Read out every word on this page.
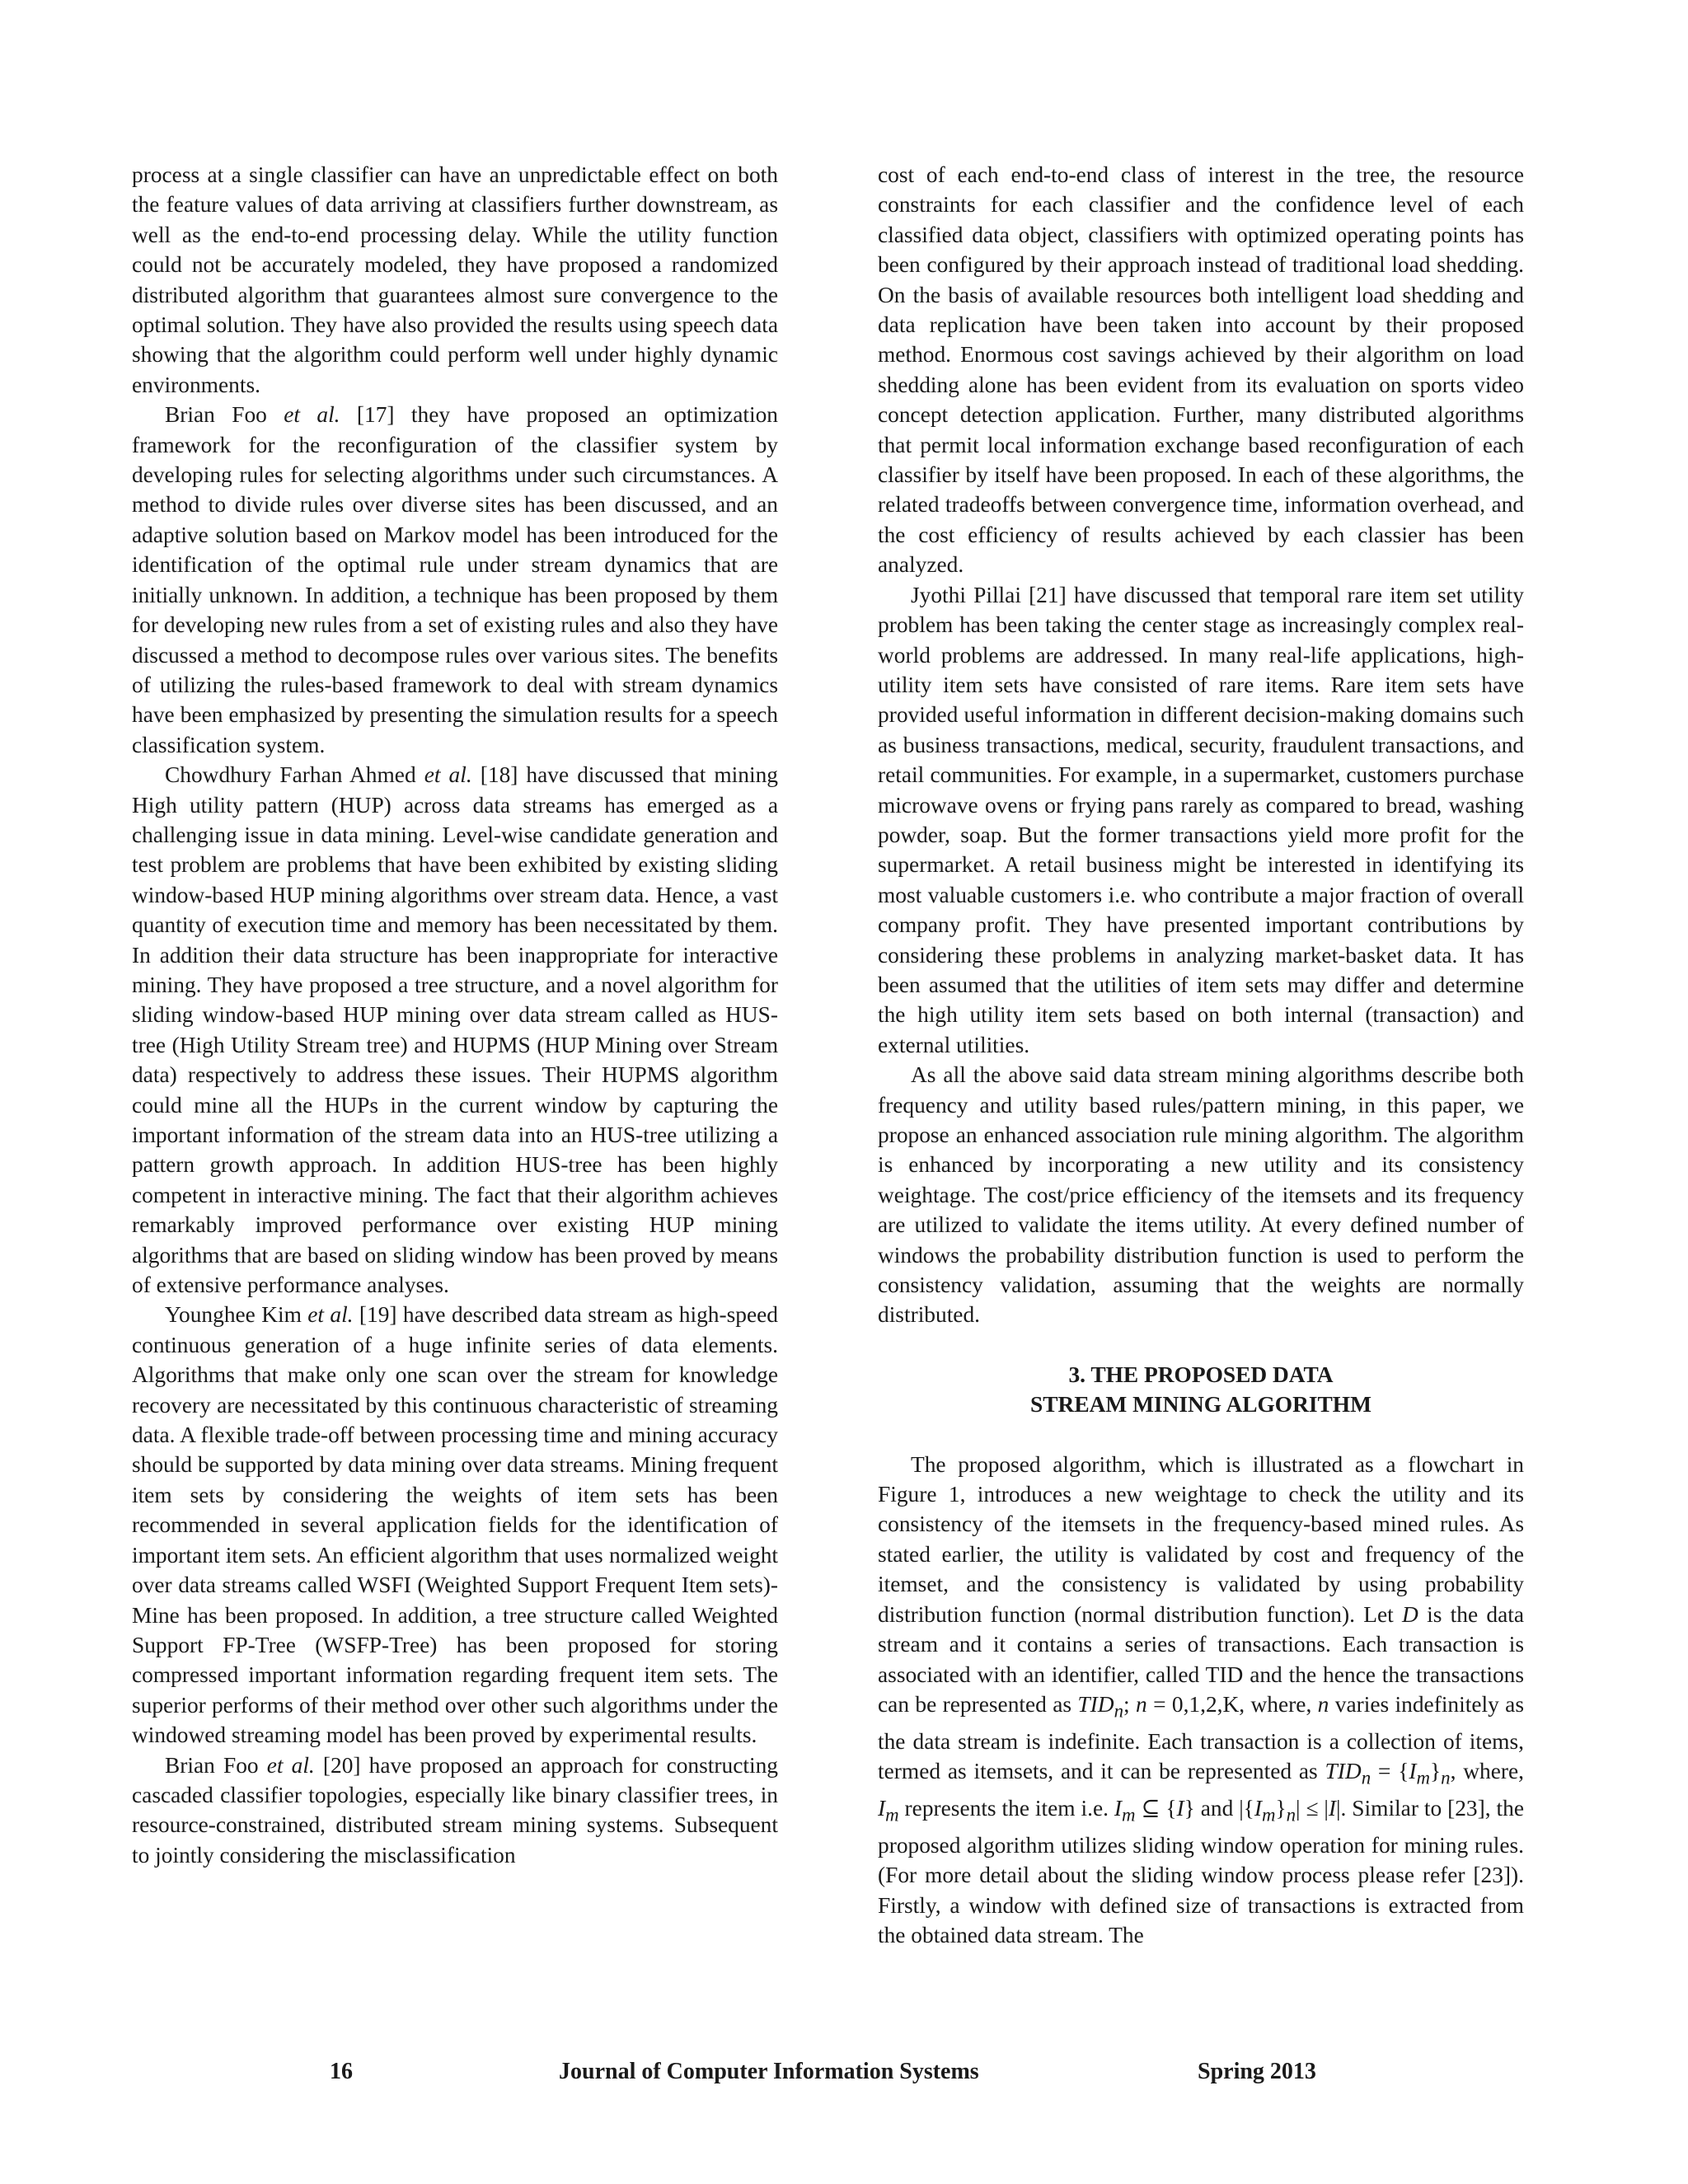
process at a single classifier can have an unpredictable effect on both the feature values of data arriving at classifiers further downstream, as well as the end-to-end processing delay. While the utility function could not be accurately modeled, they have proposed a randomized distributed algorithm that guarantees almost sure convergence to the optimal solution. They have also provided the results using speech data showing that the algorithm could perform well under highly dynamic environments.

Brian Foo et al. [17] they have proposed an optimization framework for the reconfiguration of the classifier system by developing rules for selecting algorithms under such circumstances. A method to divide rules over diverse sites has been discussed, and an adaptive solution based on Markov model has been introduced for the identification of the optimal rule under stream dynamics that are initially unknown. In addition, a technique has been proposed by them for developing new rules from a set of existing rules and also they have discussed a method to decompose rules over various sites. The benefits of utilizing the rules-based framework to deal with stream dynamics have been emphasized by presenting the simulation results for a speech classification system.

Chowdhury Farhan Ahmed et al. [18] have discussed that mining High utility pattern (HUP) across data streams has emerged as a challenging issue in data mining. Level-wise candidate generation and test problem are problems that have been exhibited by existing sliding window-based HUP mining algorithms over stream data. Hence, a vast quantity of execution time and memory has been necessitated by them. In addition their data structure has been inappropriate for interactive mining. They have proposed a tree structure, and a novel algorithm for sliding window-based HUP mining over data stream called as HUS-tree (High Utility Stream tree) and HUPMS (HUP Mining over Stream data) respectively to address these issues. Their HUPMS algorithm could mine all the HUPs in the current window by capturing the important information of the stream data into an HUS-tree utilizing a pattern growth approach. In addition HUS-tree has been highly competent in interactive mining. The fact that their algorithm achieves remarkably improved performance over existing HUP mining algorithms that are based on sliding window has been proved by means of extensive performance analyses.

Younghee Kim et al. [19] have described data stream as high-speed continuous generation of a huge infinite series of data elements. Algorithms that make only one scan over the stream for knowledge recovery are necessitated by this continuous characteristic of streaming data. A flexible trade-off between processing time and mining accuracy should be supported by data mining over data streams. Mining frequent item sets by considering the weights of item sets has been recommended in several application fields for the identification of important item sets. An efficient algorithm that uses normalized weight over data streams called WSFI (Weighted Support Frequent Item sets)-Mine has been proposed. In addition, a tree structure called Weighted Support FP-Tree (WSFP-Tree) has been proposed for storing compressed important information regarding frequent item sets. The superior performs of their method over other such algorithms under the windowed streaming model has been proved by experimental results.

Brian Foo et al. [20] have proposed an approach for constructing cascaded classifier topologies, especially like binary classifier trees, in resource-constrained, distributed stream mining systems. Subsequent to jointly considering the misclassification

cost of each end-to-end class of interest in the tree, the resource constraints for each classifier and the confidence level of each classified data object, classifiers with optimized operating points has been configured by their approach instead of traditional load shedding. On the basis of available resources both intelligent load shedding and data replication have been taken into account by their proposed method. Enormous cost savings achieved by their algorithm on load shedding alone has been evident from its evaluation on sports video concept detection application. Further, many distributed algorithms that permit local information exchange based reconfiguration of each classifier by itself have been proposed. In each of these algorithms, the related tradeoffs between convergence time, information overhead, and the cost efficiency of results achieved by each classier has been analyzed.

Jyothi Pillai [21] have discussed that temporal rare item set utility problem has been taking the center stage as increasingly complex real-world problems are addressed. In many real-life applications, high-utility item sets have consisted of rare items. Rare item sets have provided useful information in different decision-making domains such as business transactions, medical, security, fraudulent transactions, and retail communities. For example, in a supermarket, customers purchase microwave ovens or frying pans rarely as compared to bread, washing powder, soap. But the former transactions yield more profit for the supermarket. A retail business might be interested in identifying its most valuable customers i.e. who contribute a major fraction of overall company profit. They have presented important contributions by considering these problems in analyzing market-basket data. It has been assumed that the utilities of item sets may differ and determine the high utility item sets based on both internal (transaction) and external utilities.

As all the above said data stream mining algorithms describe both frequency and utility based rules/pattern mining, in this paper, we propose an enhanced association rule mining algorithm. The algorithm is enhanced by incorporating a new utility and its consistency weightage. The cost/price efficiency of the itemsets and its frequency are utilized to validate the items utility. At every defined number of windows the probability distribution function is used to perform the consistency validation, assuming that the weights are normally distributed.

3. THE PROPOSED DATA
STREAM MINING ALGORITHM

The proposed algorithm, which is illustrated as a flowchart in Figure 1, introduces a new weightage to check the utility and its consistency of the itemsets in the frequency-based mined rules. As stated earlier, the utility is validated by cost and frequency of the itemset, and the consistency is validated by using probability distribution function (normal distribution function). Let D is the data stream and it contains a series of transactions. Each transaction is associated with an identifier, called TID and the hence the transactions can be represented as $TID_n$; n = 0,1,2,K, where, n varies indefinitely as the data stream is indefinite. Each transaction is a collection of items, termed as itemsets, and it can be represented as $TID_n = \{I_m\}_n$, where, $I_m$ represents the item i.e. $I_m$ ⊆ {I} and $|\{I_m\}_n| \le |I|$. Similar to [23], the proposed algorithm utilizes sliding window operation for mining rules. (For more detail about the sliding window process please refer [23]). Firstly, a window with defined size of transactions is extracted from the obtained data stream. The

16	Journal of Computer Information Systems	Spring 2013
